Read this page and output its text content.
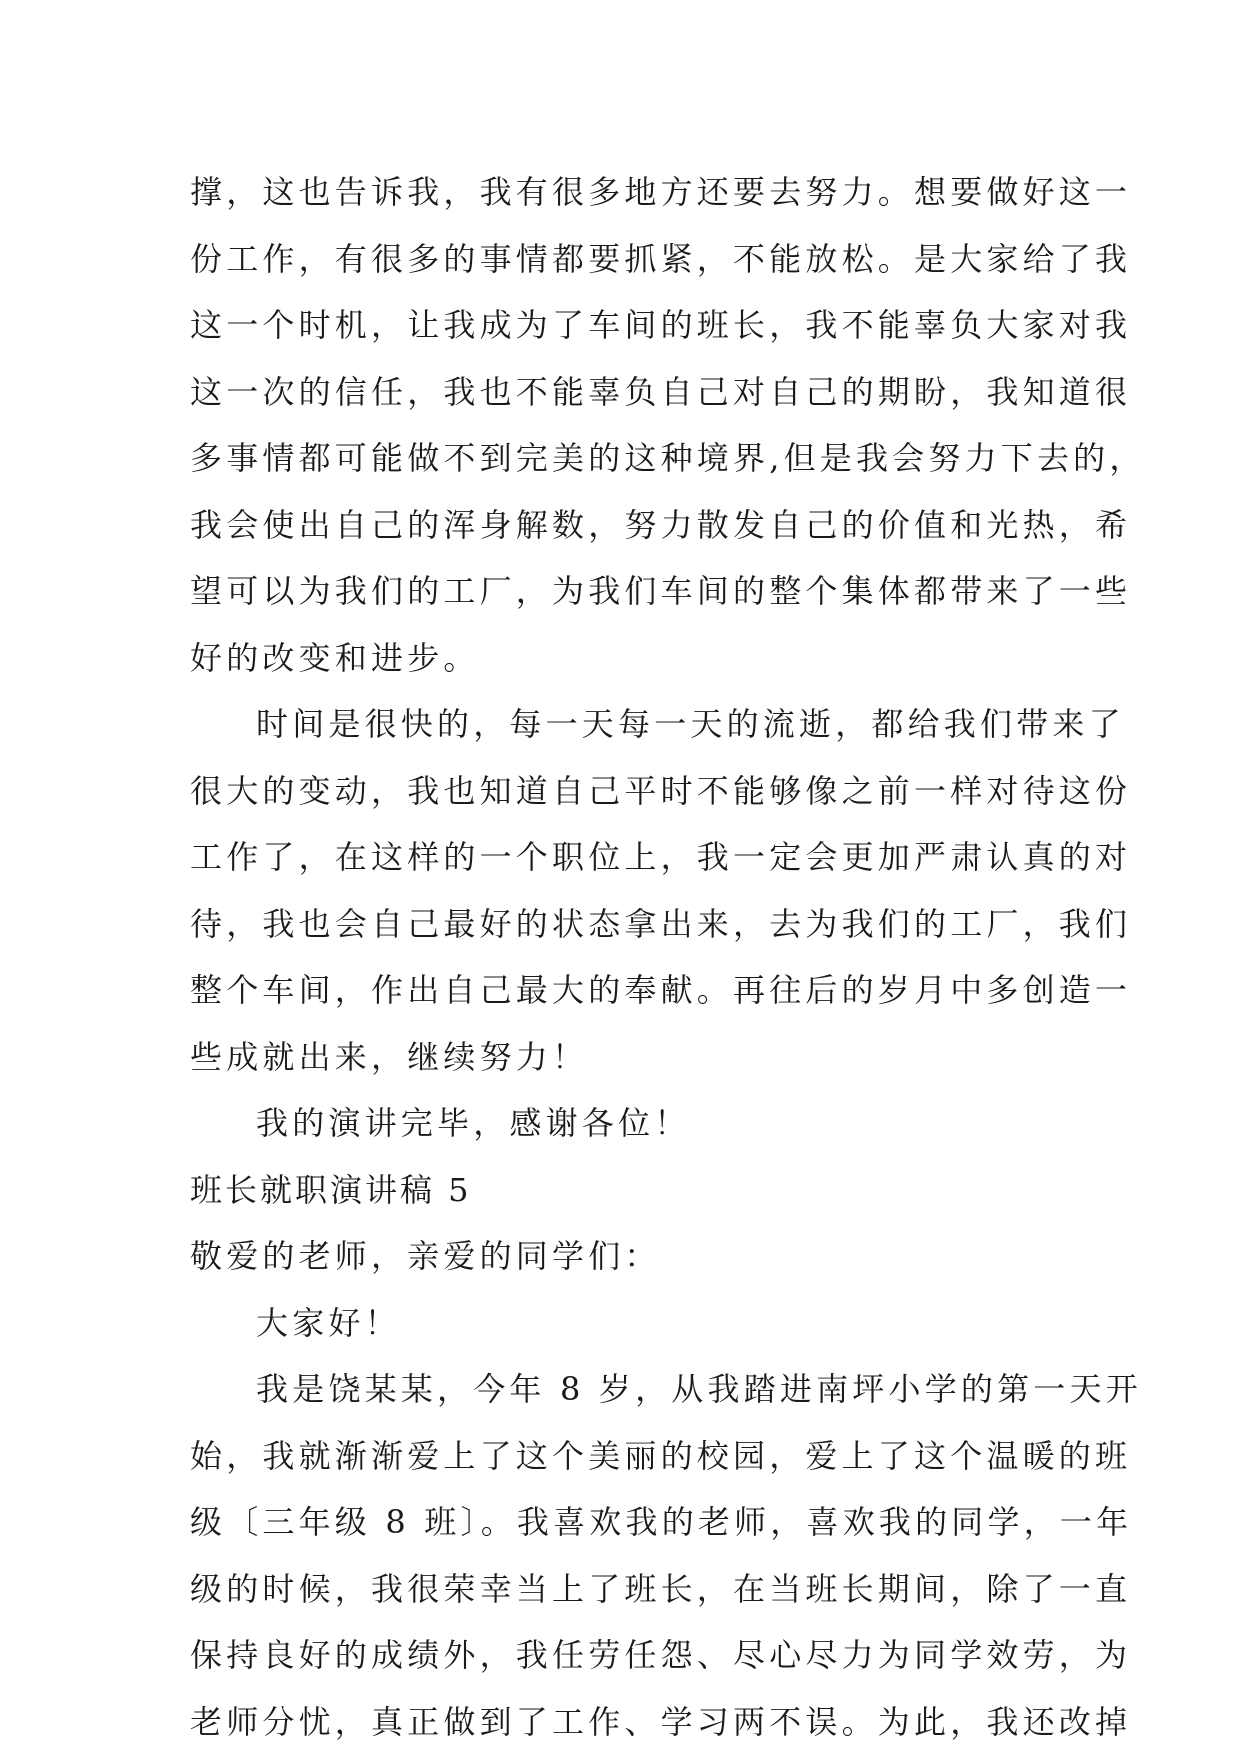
撑，这也告诉我，我有很多地方还要去努力。想要做好这一
份工作，有很多的事情都要抓紧，不能放松。是大家给了我
这一个时机，让我成为了车间的班长，我不能辜负大家对我
这一次的信任，我也不能辜负自己对自己的期盼，我知道很
多事情都可能做不到完美的这种境界,但是我会努力下去的，
我会使出自己的浑身解数，努力散发自己的价值和光热，希
望可以为我们的工厂，为我们车间的整个集体都带来了一些
好的改变和进步。
时间是很快的，每一天每一天的流逝，都给我们带来了
很大的变动，我也知道自己平时不能够像之前一样对待这份
工作了，在这样的一个职位上，我一定会更加严肃认真的对
待，我也会自己最好的状态拿出来，去为我们的工厂，我们
整个车间，作出自己最大的奉献。再往后的岁月中多创造一
些成就出来，继续努力！
我的演讲完毕，感谢各位！
班长就职演讲稿 5
敬爱的老师，亲爱的同学们：
大家好！
我是饶某某，今年 8 岁，从我踏进南坪小学的第一天开
始，我就渐渐爱上了这个美丽的校园，爱上了这个温暖的班
级〔三年级 8 班〕。我喜欢我的老师，喜欢我的同学，一年
级的时候，我很荣幸当上了班长，在当班长期间，除了一直
保持良好的成绩外，我任劳任怨、尽心尽力为同学效劳，为
老师分忧，真正做到了工作、学习两不误。为此，我还改掉
